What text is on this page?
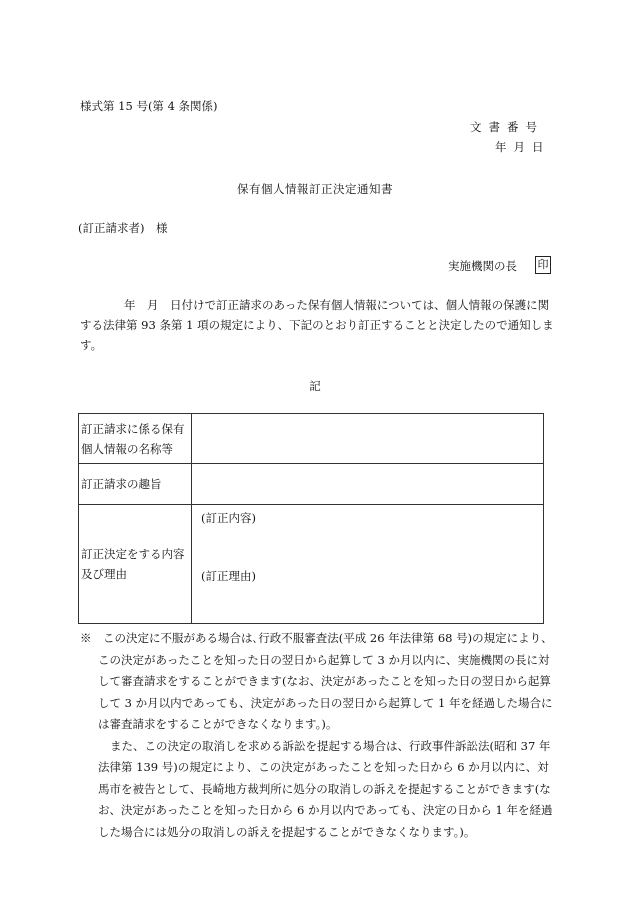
様式第 15 号(第 4 条関係)
文書番号
年月日
保有個人情報訂正決定通知書
(訂正請求者)　様
実施機関の長 印
年　月　日付けで訂正請求のあった保有個人情報については、個人情報の保護に関する法律第 93 条第 1 項の規定により、下記のとおり訂正することと決定したので通知します。
記
訂正請求に係る保有個人情報の名称等	
訂正請求の趣旨	
訂正決定をする内容及び理由	(訂正内容)
(訂正理由)

※　この決定に不服がある場合は､行政不服審査法(平成 26 年法律第 68 号)の規定により、この決定があったことを知った日の翌日から起算して 3 か月以内に、実施機関の長に対して審査請求をすることができます(なお、決定があったことを知った日の翌日から起算して 3 か月以内であっても、決定があった日の翌日から起算して 1 年を経過した場合には審査請求をすることができなくなります。)。

また、この決定の取消しを求める訴訟を提起する場合は、行政事件訴訟法(昭和 37 年法律第 139 号)の規定により、この決定があったことを知った日から 6 か月以内に、対馬市を被告として、長崎地方裁判所に処分の取消しの訴えを提起することができます(なお、決定があったことを知った日から 6 か月以内であっても、決定の日から 1 年を経過した場合には処分の取消しの訴えを提起することができなくなります。)。
